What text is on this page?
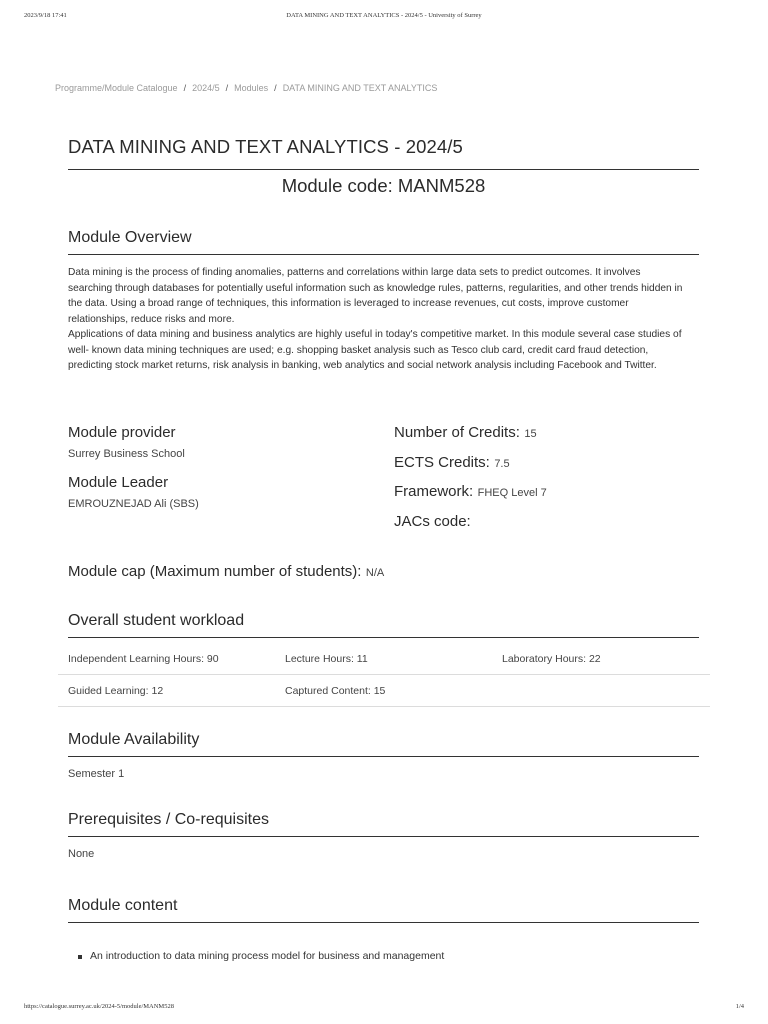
2023/9/18 17:41	DATA MINING AND TEXT ANALYTICS - 2024/5 - University of Surrey
Programme/Module Catalogue / 2024/5 / Modules / DATA MINING AND TEXT ANALYTICS
DATA MINING AND TEXT ANALYTICS - 2024/5
Module code: MANM528
Module Overview

Data mining is the process of finding anomalies, patterns and correlations within large data sets to predict outcomes. It involves searching through databases for potentially useful information such as knowledge rules, patterns, regularities, and other trends hidden in the data. Using a broad range of techniques, this information is leveraged to increase revenues, cut costs, improve customer relationships, reduce risks and more.

Applications of data mining and business analytics are highly useful in today's competitive market. In this module several case studies of well- known data mining techniques are used; e.g. shopping basket analysis such as Tesco club card, credit card fraud detection, predicting stock market returns, risk analysis in banking, web analytics and social network analysis including Facebook and Twitter.

Module provider
Surrey Business School
Module Leader
EMROUZNEJAD Ali (SBS)
Number of Credits: 15
ECTS Credits: 7.5
Framework: FHEQ Level 7
JACs code:
Module cap (Maximum number of students): N/A
Overall student workload
Independent Learning Hours: 90	Lecture Hours: 11	Laboratory Hours: 22
Guided Learning: 12	Captured Content: 15
Module Availability
Semester 1
Prerequisites / Co-requisites
None
Module content
An introduction to data mining process model for business and management
https://catalogue.surrey.ac.uk/2024-5/module/MANM528	1/4
